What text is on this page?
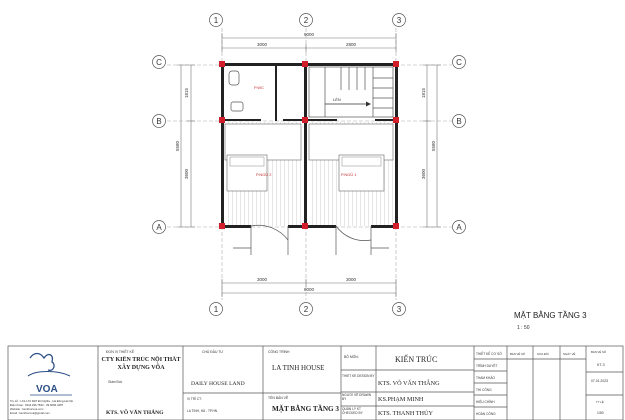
1	2	3
1	2	3
C
B
A
C
B
A
9000
3000	2800
3000	3000
6000
1815
3600
5580
1815
3600
5580
P.WC
LÊN
P.NGỦ 2	P.NGỦ 1
MẶT BẰNG TẦNG 3
1 : 50
VOA
Trụ sở : LK1-LT2 KĐT Đô Nghĩa - Hà Đông-Hà Nội
Điện thoại : 0344.296.7843 - 09.6666.4487
Website : kienthucvoa.com
Email : kienthucvoa@gmail.com
ĐƠN VỊ THIẾT KẾ
CTY KIẾN TRÚC NỘI THẤT XÂY DỰNG VÕA
Giám Đốc
KTS. VÕ VĂN THẮNG
CHỦ ĐẦU TƯ
DAILY HOUSE LAND
VỊ TRÍ CT:
LA TINH, HÀ - TP.HN
CÔNG TRÌNH
LA TINH HOUSE
TÊN BẢN VẼ
MẶT BẰNG TẦNG 3
BỘ MÔN:	KIẾN TRÚC
THIẾT KẾ DESIGN BY
KTS. VÕ VĂN THẮNG
NGƯỜI VẼ DRAWN BY	KS.PHẠM MINH
QUẢN LÝ KT CHECKED BY	KTS. THANH THỦY
THIẾT KẾ CƠ SỞ
TRÌNH DUYỆT
THAM KHẢO
THI CÔNG
HIỆU CHỈNH
HOÀN CÔNG
BẢN VẼ SỐ	SỬA ĐỔI	NGÀY VẼ	BẢN VẼ SỐ
KT-3
07.01.2023
TỶ LỆ
1/50
